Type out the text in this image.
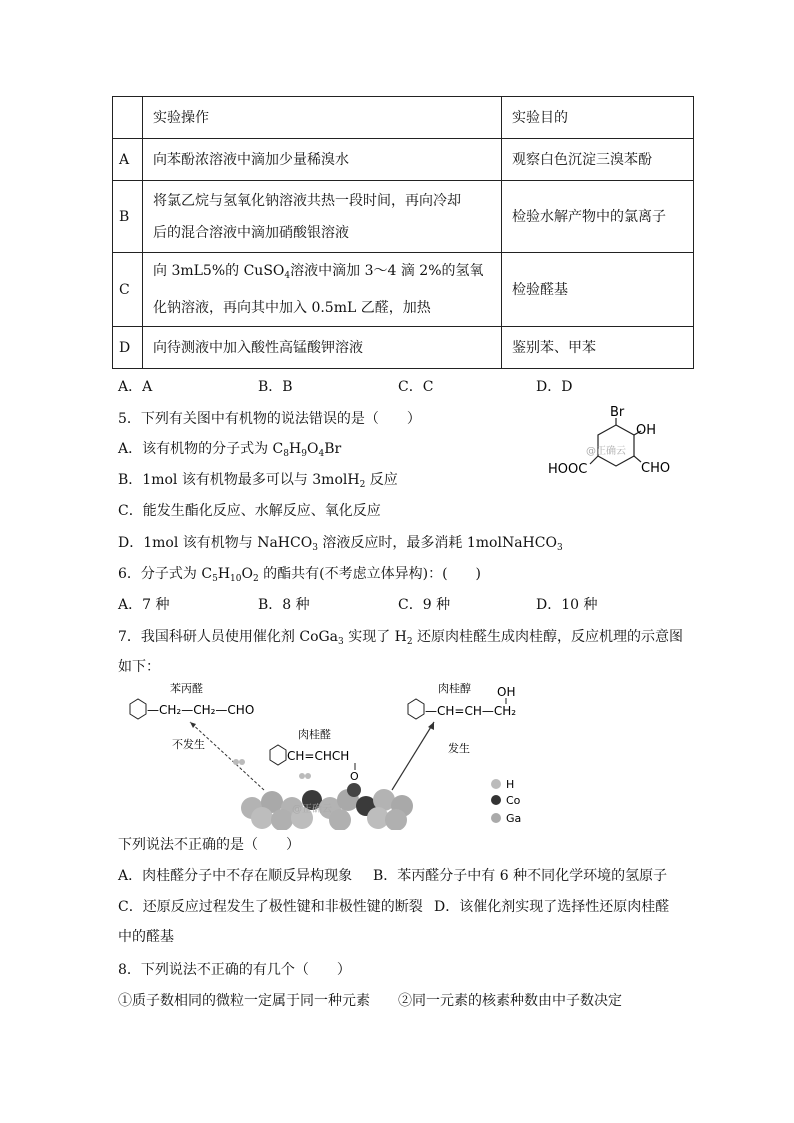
	实验操作	实验目的
A	向苯酚浓溶液中滴加少量稀溴水	观察白色沉淀三溴苯酚
B	将氯乙烷与氢氧化钠溶液共热一段时间，再向冷却
后的混合溶液中滴加硝酸银溶液	检验水解产物中的氯离子
C	向 3mL5%的 CuSO$_4$溶液中滴加 3～4 滴 2%的氢氧
化钠溶液，再向其中加入 0.5mL 乙醛，加热	检验醛基
D	向待测液中加入酸性高锰酸钾溶液	鉴别苯、甲苯
A．A	B．B	C．C	D．D
5．下列有关图中有机物的说法错误的是（　　）
A．该有机物的分子式为 $C_8H_9O_4Br$
B．1mol 该有机物最多可以与 3molH$_2$ 反应
C．能发生酯化反应、水解反应、氧化反应
D．1mol 该有机物与 NaHCO$_3$ 溶液反应时，最多消耗 1molNaHCO$_3$
Br
OH
HOOC	CHO
@正确云
6．分子式为 $C_5H_{10}O_2$ 的酯共有(不考虑立体异构)：(　　)
A．7 种	B．8 种	C．9 种	D．10 种
7．我国科研人员使用催化剂 CoGa$_3$ 实现了 $H_2$ 还原肉桂醛生成肉桂醇，反应机理的示意图
如下：
苯丙醛
—CH₂—CH₂—CHO
肉桂醇 OH
—CH=CH—CH₂
肉桂醛
CH=CHCH
O
不发生	发生
@正确云
H
Co
Ga
下列说法不正确的是（　　）
A．肉桂醛分子中不存在顺反异构现象 B．苯丙醛分子中有 6 种不同化学环境的氢原子
C．还原反应过程发生了极性键和非极性键的断裂 D．该催化剂实现了选择性还原肉桂醛
中的醛基
8．下列说法不正确的有几个（　　）
①质子数相同的微粒一定属于同一种元素　　②同一元素的核素种数由中子数决定
